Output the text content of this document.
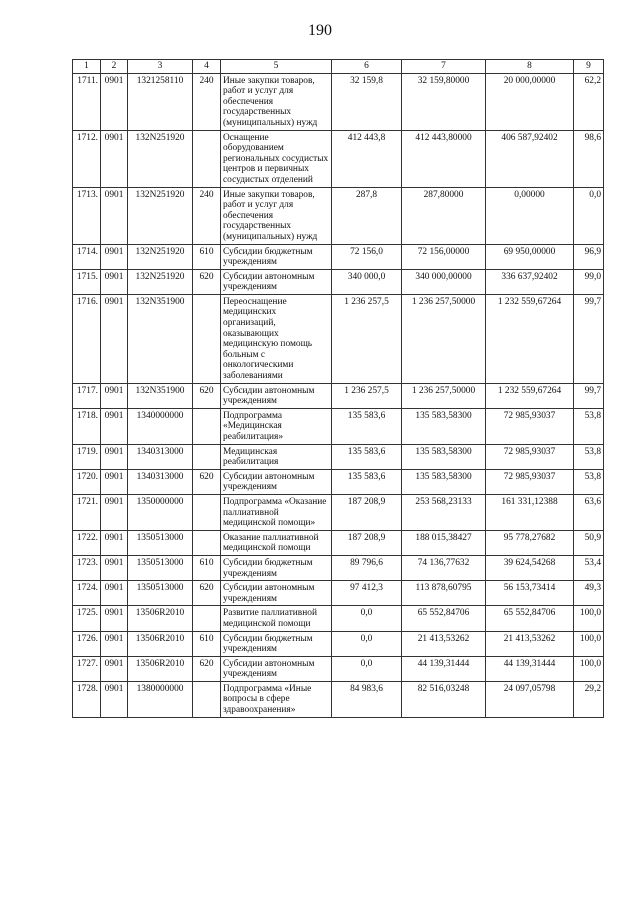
190
1	2	3	4	5	6	7	8	9
1711.	0901	1321258110	240	Иные закупки товаров, работ и услуг для обеспечения государственных (муниципальных) нужд	32 159,8	32 159,80000	20 000,00000	62,2
1712.	0901	132N251920		Оснащение оборудованием региональных сосудистых центров и первичных сосудистых отделений	412 443,8	412 443,80000	406 587,92402	98,6
1713.	0901	132N251920	240	Иные закупки товаров, работ и услуг для обеспечения государственных (муниципальных) нужд	287,8	287,80000	0,00000	0,0
1714.	0901	132N251920	610	Субсидии бюджетным учреждениям	72 156,0	72 156,00000	69 950,00000	96,9
1715.	0901	132N251920	620	Субсидии автономным учреждениям	340 000,0	340 000,00000	336 637,92402	99,0
1716.	0901	132N351900		Переоснащение медицинских организаций, оказывающих медицинскую помощь больным с онкологическими заболеваниями	1 236 257,5	1 236 257,50000	1 232 559,67264	99,7
1717.	0901	132N351900	620	Субсидии автономным учреждениям	1 236 257,5	1 236 257,50000	1 232 559,67264	99,7
1718.	0901	1340000000		Подпрограмма «Медицинская реабилитация»	135 583,6	135 583,58300	72 985,93037	53,8
1719.	0901	1340313000		Медицинская реабилитация	135 583,6	135 583,58300	72 985,93037	53,8
1720.	0901	1340313000	620	Субсидии автономным учреждениям	135 583,6	135 583,58300	72 985,93037	53,8
1721.	0901	1350000000		Подпрограмма «Оказание паллиативной медицинской помощи»	187 208,9	253 568,23133	161 331,12388	63,6
1722.	0901	1350513000		Оказание паллиативной медицинской помощи	187 208,9	188 015,38427	95 778,27682	50,9
1723.	0901	1350513000	610	Субсидии бюджетным учреждениям	89 796,6	74 136,77632	39 624,54268	53,4
1724.	0901	1350513000	620	Субсидии автономным учреждениям	97 412,3	113 878,60795	56 153,73414	49,3
1725.	0901	13506R2010		Развитие паллиативной медицинской помощи	0,0	65 552,84706	65 552,84706	100,0
1726.	0901	13506R2010	610	Субсидии бюджетным учреждениям	0,0	21 413,53262	21 413,53262	100,0
1727.	0901	13506R2010	620	Субсидии автономным учреждениям	0,0	44 139,31444	44 139,31444	100,0
1728.	0901	1380000000		Подпрограмма «Иные вопросы в сфере здравоохранения»	84 983,6	82 516,03248	24 097,05798	29,2
